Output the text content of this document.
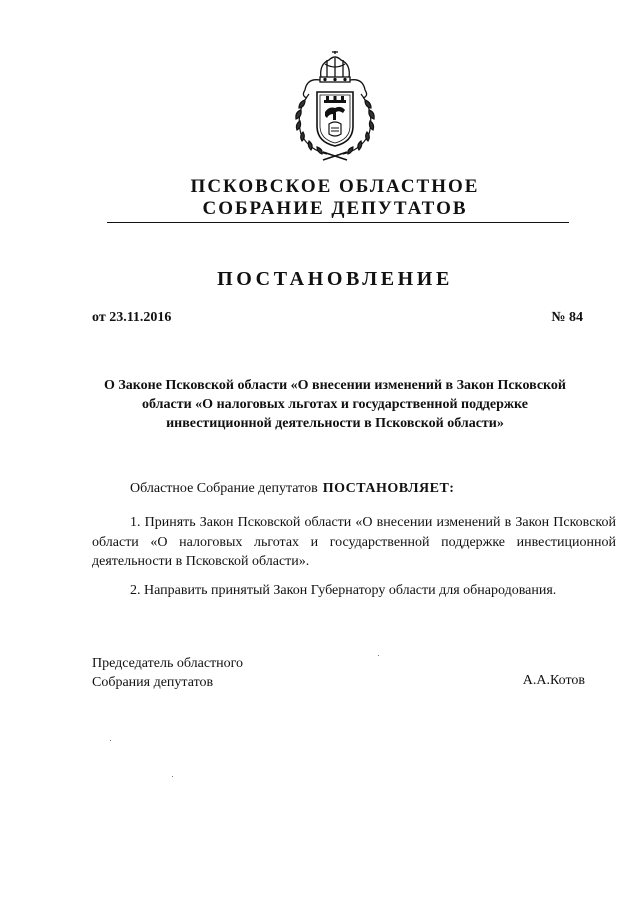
ПСКОВСКОЕ ОБЛАСТНОЕ
СОБРАНИЕ ДЕПУТАТОВ
ПОСТАНОВЛЕНИЕ
от 23.11.2016	№ 84
О Законе Псковской области «О внесении изменений в Закон Псковской
области «О налоговых льготах и государственной поддержке
инвестиционной деятельности в Псковской области»
Областное Собрание депутатов ПОСТАНОВЛЯЕТ:
1. Принять Закон Псковской области «О внесении изменений в Закон Псковской области «О налоговых льготах и государственной поддержке инвестиционной деятельности в Псковской области».
2. Направить принятый Закон Губернатору области для обнародования.
Председатель областного
Собрания депутатов	А.А.Котов
